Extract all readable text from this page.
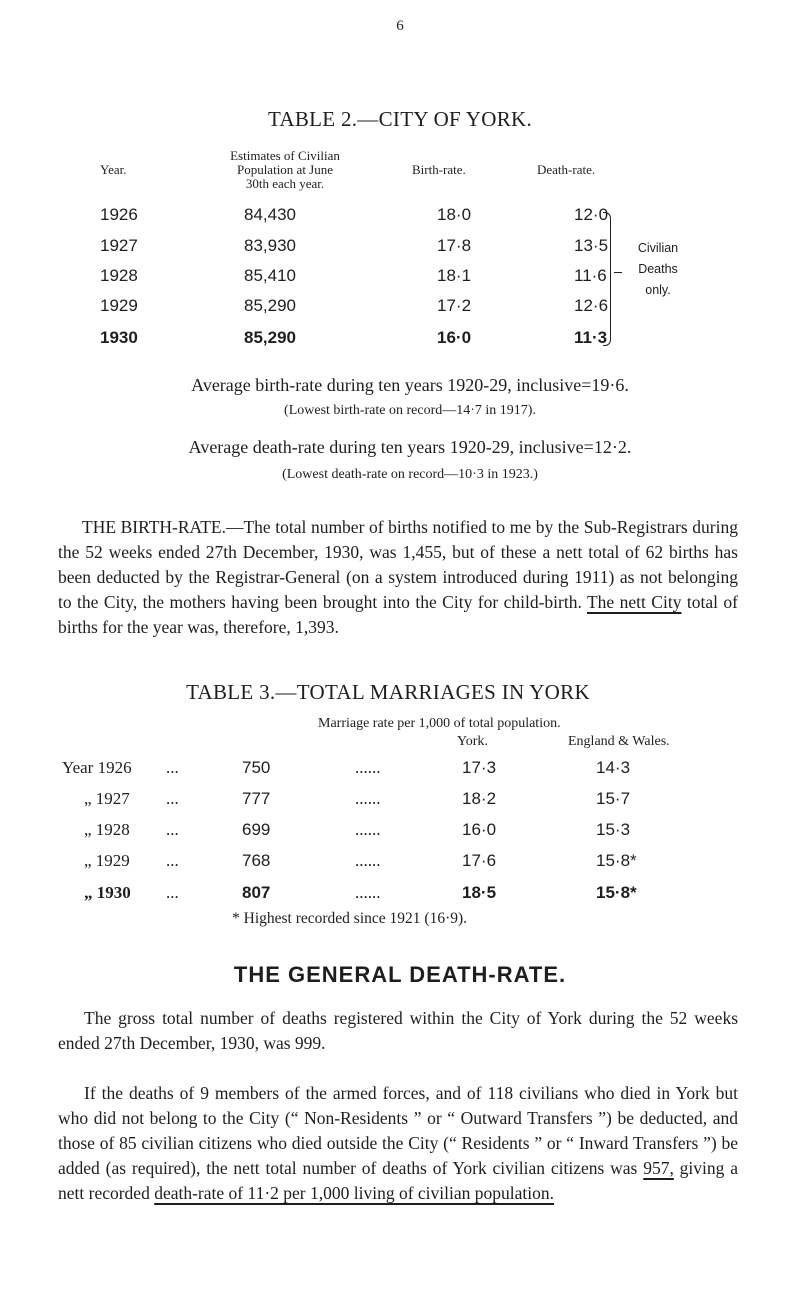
6
TABLE 2.—CITY OF YORK.
Year.
Estimates of Civilian
Population at June
30th each year.
Birth-rate.	Death-rate.
1926	84,430	18·0	12·0
1927	83,930	17·8	13·5
1928	85,410	18·1	11·6
1929	85,290	17·2	12·6
1930	85,290	16·0	11·3
Civilian
Deaths
only.
Average birth-rate during ten years 1920-29, inclusive=19·6.
(Lowest birth-rate on record—14·7 in 1917).
Average death-rate during ten years 1920-29, inclusive=12·2.
(Lowest death-rate on record—10·3 in 1923.)
THE BIRTH-RATE.—The total number of births notified to me by the Sub-Registrars during the 52 weeks ended 27th December, 1930, was 1,455, but of these a nett total of 62 births has been deducted by the Registrar-General (on a system introduced during 1911) as not belonging to the City, the mothers having been brought into the City for child-birth. The nett City total of births for the year was, therefore, 1,393.
TABLE 3.—TOTAL MARRIAGES IN YORK
Marriage rate per 1,000 of total population.
York.	England & Wales.
Year 1926 ...	750	......	17·3	14·3
„ 1927 ...	777	......	18·2	15·7
„ 1928 ...	699	......	16·0	15·3
„ 1929 ...	768	......	17·6	15·8*
„ 1930 ...	807	......	18·5	15·8*
* Highest recorded since 1921 (16·9).
THE GENERAL DEATH-RATE.
The gross total number of deaths registered within the City of York during the 52 weeks ended 27th December, 1930, was 999.
If the deaths of 9 members of the armed forces, and of 118 civilians who died in York but who did not belong to the City (“ Non-Residents ” or “ Outward Transfers ”) be deducted, and those of 85 civilian citizens who died outside the City (“ Residents ” or “ Inward Transfers ”) be added (as required), the nett total number of deaths of York civilian citizens was 957, giving a nett recorded death-rate of 11·2 per 1,000 living of civilian population.
